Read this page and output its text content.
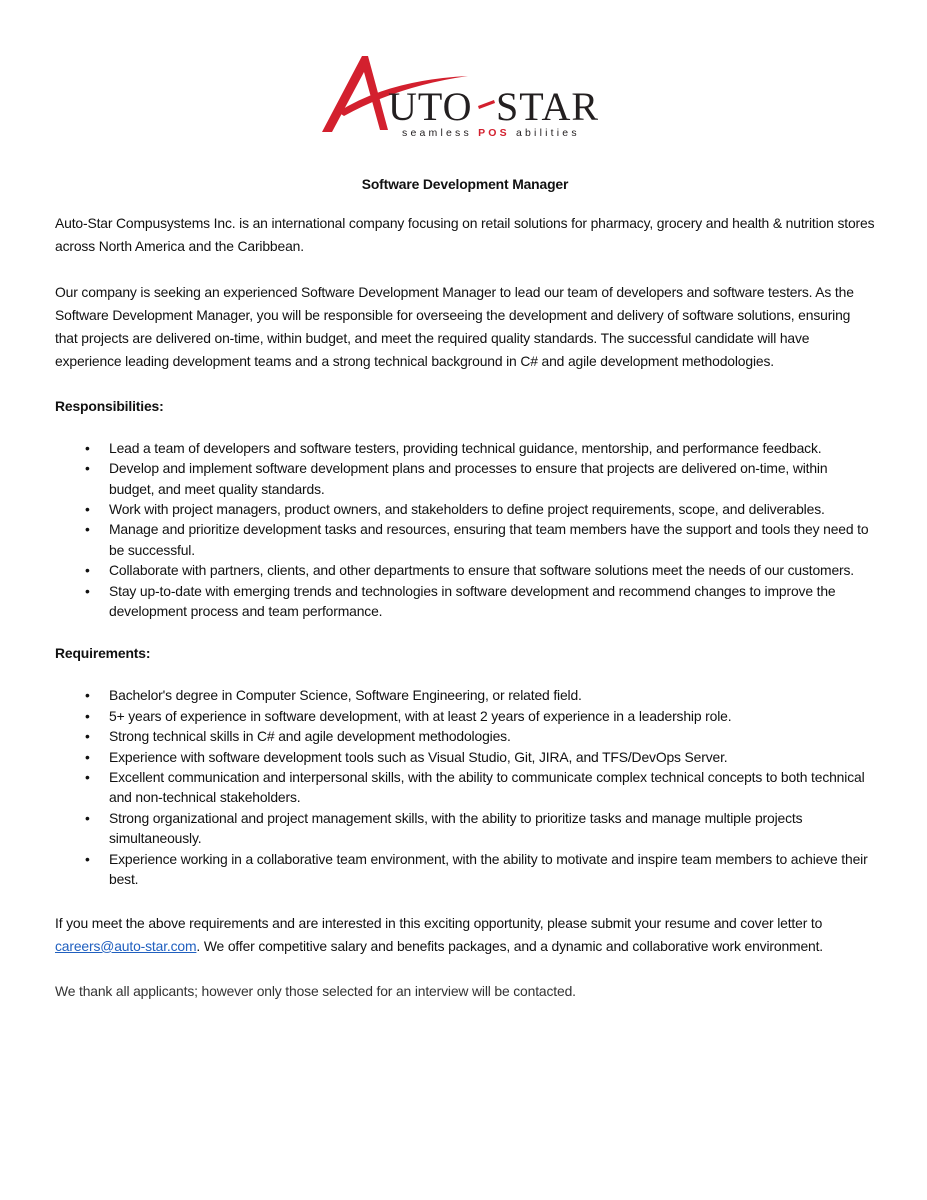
UTO STAR
seamless POS abilities
Software Development Manager

Auto-Star Compusystems Inc. is an international company focusing on retail solutions for pharmacy, grocery and health & nutrition stores across North America and the Caribbean.

Our company is seeking an experienced Software Development Manager to lead our team of developers and software testers. As the Software Development Manager, you will be responsible for overseeing the development and delivery of software solutions, ensuring that projects are delivered on-time, within budget, and meet the required quality standards. The successful candidate will have experience leading development teams and a strong technical background in C# and agile development methodologies.

Responsibilities:
• Lead a team of developers and software testers, providing technical guidance, mentorship, and performance feedback.
• Develop and implement software development plans and processes to ensure that projects are delivered on-time, within budget, and meet quality standards.
• Work with project managers, product owners, and stakeholders to define project requirements, scope, and deliverables.
• Manage and prioritize development tasks and resources, ensuring that team members have the support and tools they need to be successful.
• Collaborate with partners, clients, and other departments to ensure that software solutions meet the needs of our customers.
• Stay up-to-date with emerging trends and technologies in software development and recommend changes to improve the development process and team performance.
Requirements:
• Bachelor's degree in Computer Science, Software Engineering, or related field.
• 5+ years of experience in software development, with at least 2 years of experience in a leadership role.
• Strong technical skills in C# and agile development methodologies.
• Experience with software development tools such as Visual Studio, Git, JIRA, and TFS/DevOps Server.
• Excellent communication and interpersonal skills, with the ability to communicate complex technical concepts to both technical and non-technical stakeholders.
• Strong organizational and project management skills, with the ability to prioritize tasks and manage multiple projects simultaneously.
• Experience working in a collaborative team environment, with the ability to motivate and inspire team members to achieve their best.

If you meet the above requirements and are interested in this exciting opportunity, please submit your resume and cover letter to careers@auto-star.com. We offer competitive salary and benefits packages, and a dynamic and collaborative work environment.

We thank all applicants; however only those selected for an interview will be contacted.
